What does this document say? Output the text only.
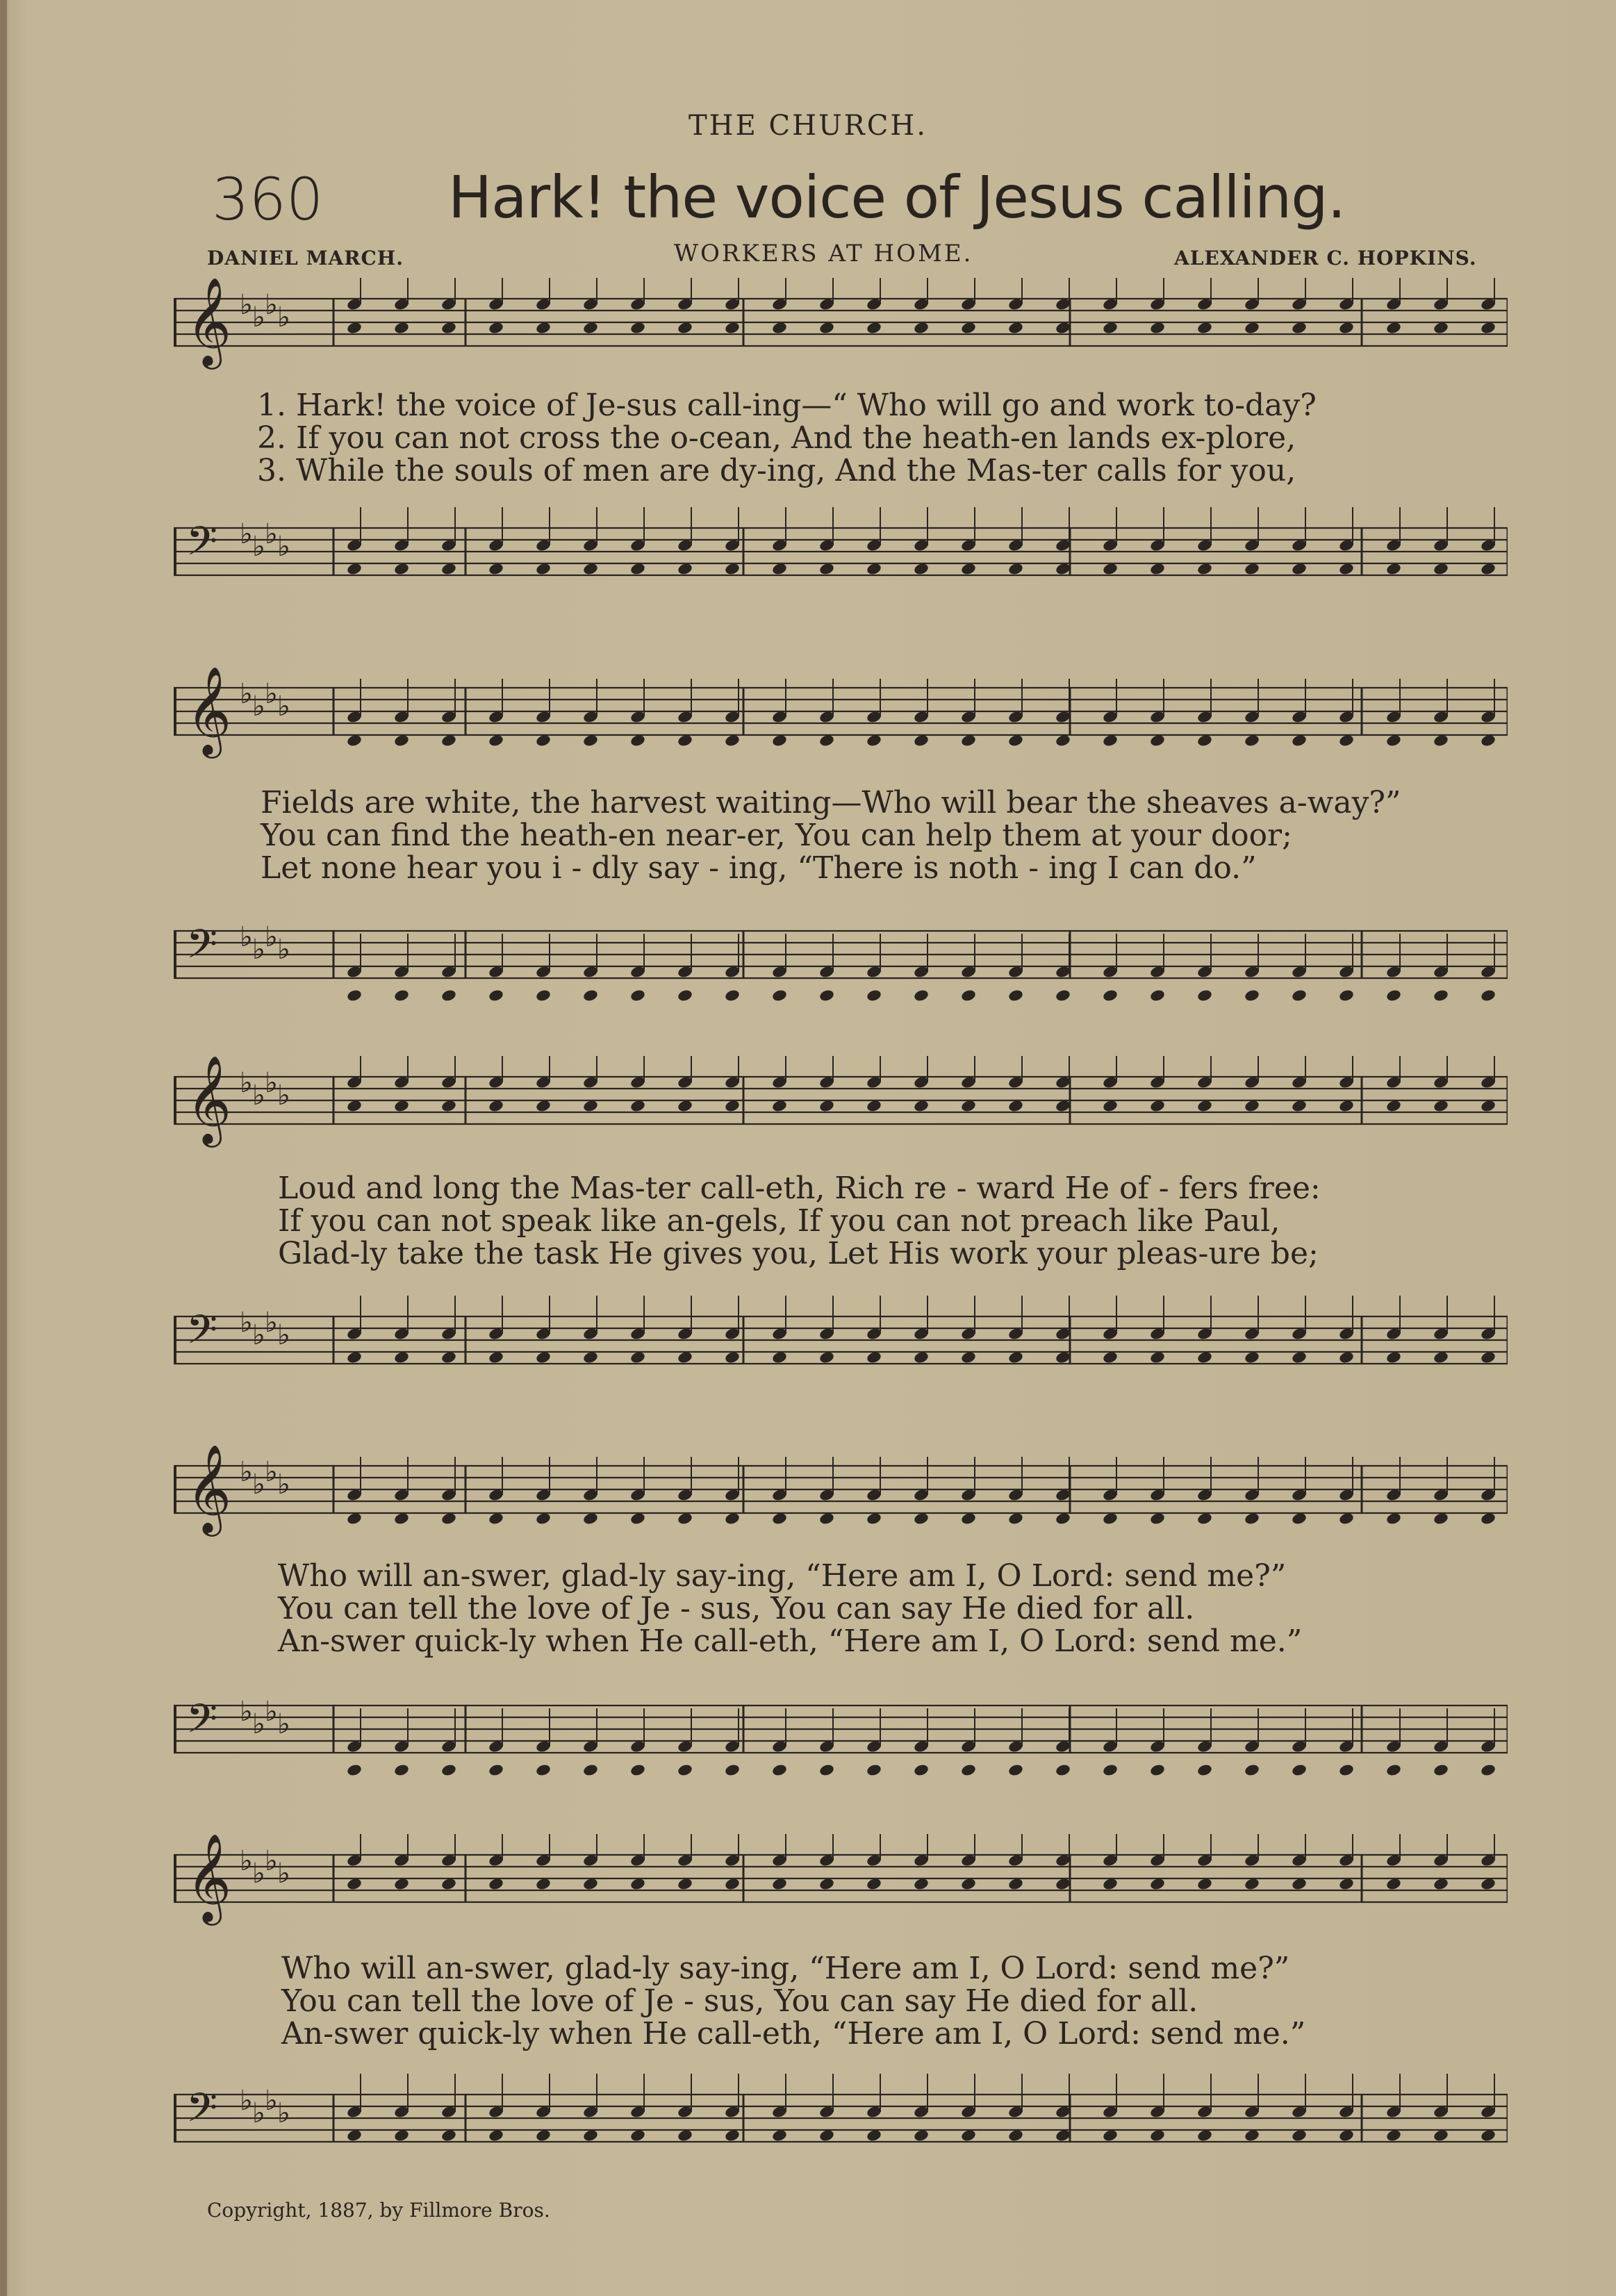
THE CHURCH.
360 Hark! the voice of Jesus calling.
DANIEL MARCH.	WORKERS AT HOME.	ALEXANDER C. HOPKINS.
𝄞 ♭ ♭ ♭ ♭
1. Hark! the voice of Je-sus call-ing—“ Who will go and work to-day?
2. If you can not cross the o-cean, And the heath-en lands ex-plore,
3. While the souls of men are dy-ing, And the Mas-ter calls for you,
𝄢 ♭ ♭ ♭ ♭
𝄞 ♭ ♭ ♭ ♭
Fields are white, the harvest waiting—Who will bear the sheaves a-way?”
You can find the heath-en near-er, You can help them at your door;
Let none hear you i - dly say - ing, “There is noth - ing I can do.”
𝄢 ♭ ♭ ♭ ♭
𝄞 ♭ ♭ ♭ ♭
Loud and long the Mas-ter call-eth, Rich re - ward He of - fers free:
If you can not speak like an-gels, If you can not preach like Paul,
Glad-ly take the task He gives you, Let His work your pleas-ure be;
𝄢 ♭ ♭ ♭ ♭
𝄞 ♭ ♭ ♭ ♭
Who will an-swer, glad-ly say-ing, “Here am I, O Lord: send me?”
You can tell the love of Je - sus, You can say He died for all.
An-swer quick-ly when He call-eth, “Here am I, O Lord: send me.”
𝄢 ♭ ♭ ♭ ♭
𝄞 ♭ ♭ ♭ ♭
Who will an-swer, glad-ly say-ing, “Here am I, O Lord: send me?”
You can tell the love of Je - sus, You can say He died for all.
An-swer quick-ly when He call-eth, “Here am I, O Lord: send me.”
𝄢 ♭ ♭ ♭ ♭
Copyright, 1887, by Fillmore Bros.
